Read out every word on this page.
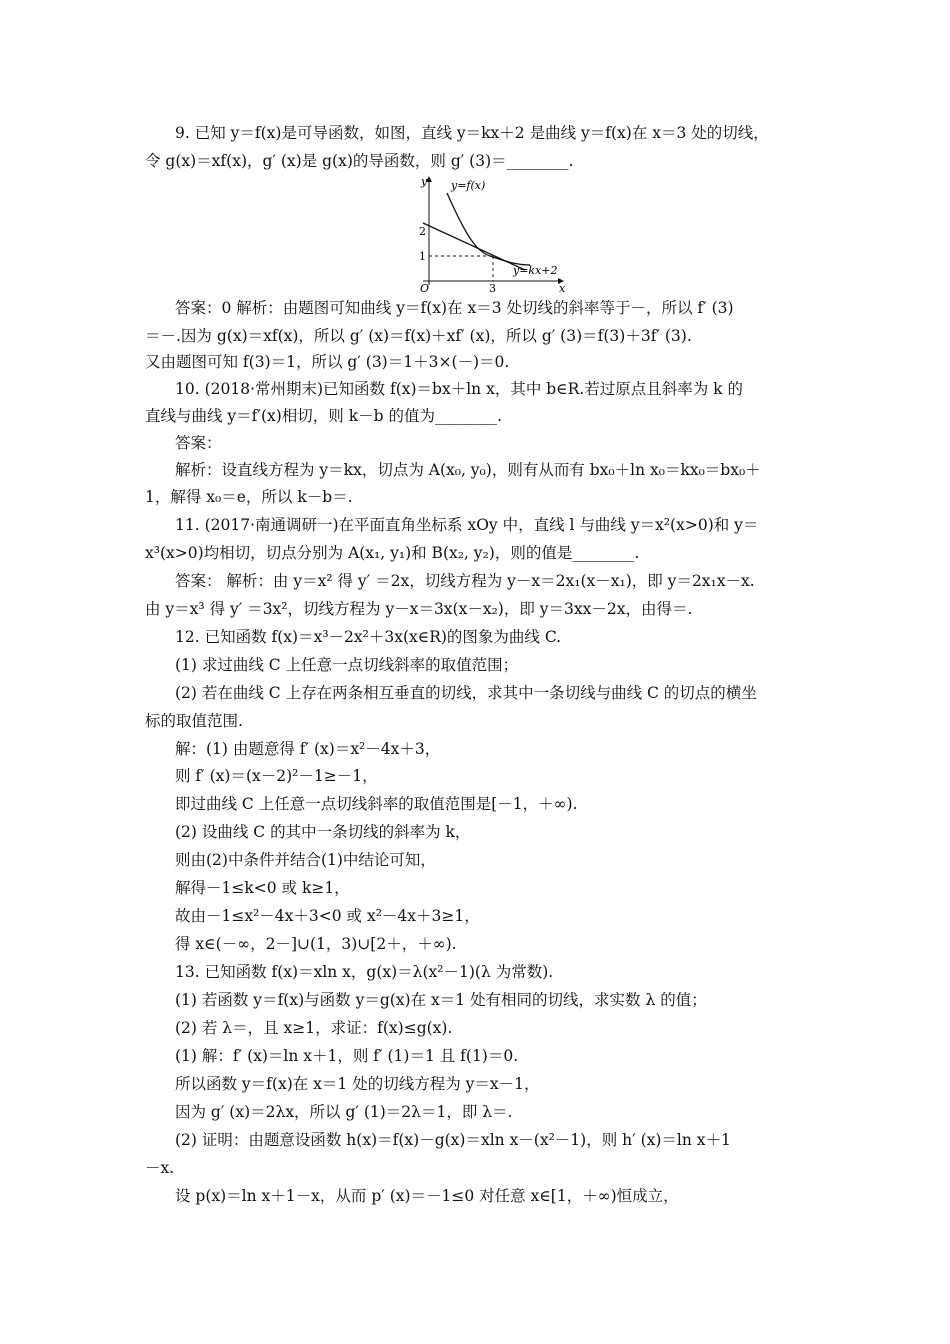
9. 已知 y＝f(x)是可导函数，如图，直线 y＝kx＋2 是曲线 y＝f(x)在 x＝3 处的切线，
令 g(x)＝xf(x)，g′ (x)是 g(x)的导函数，则 g′ (3)＝________.
y
x
O
y=f(x)
y=kx+2
2
1
3
答案：0 解析：由题图可知曲线 y＝f(x)在 x＝3 处切线的斜率等于－，所以 f′ (3)
＝－.因为 g(x)＝xf(x)，所以 g′ (x)＝f(x)＋xf′ (x)，所以 g′ (3)＝f(3)＋3f′ (3).
又由题图可知 f(3)＝1，所以 g′ (3)＝1＋3×(－)＝0.
10. (2018·常州期末)已知函数 f(x)＝bx＋ln x，其中 b∈R.若过原点且斜率为 k 的
直线与曲线 y＝f′(x)相切，则 k－b 的值为________.
答案：
解析：设直线方程为 y＝kx，切点为 A(x₀, y₀)，则有从而有 bx₀＋ln x₀＝kx₀＝bx₀＋
1，解得 x₀＝e，所以 k－b＝.
11. (2017·南通调研一)在平面直角坐标系 xOy 中，直线 l 与曲线 y＝x²(x>0)和 y＝
x³(x>0)均相切，切点分别为 A(x₁, y₁)和 B(x₂, y₂)，则的值是________.
答案： 解析：由 y＝x² 得 y′ ＝2x，切线方程为 y－x＝2x₁(x－x₁)，即 y＝2x₁x－x.
由 y＝x³ 得 y′ ＝3x²，切线方程为 y－x＝3x(x－x₂)，即 y＝3xx－2x，由得＝.
12. 已知函数 f(x)＝x³－2x²＋3x(x∈R)的图象为曲线 C.
(1) 求过曲线 C 上任意一点切线斜率的取值范围；
(2) 若在曲线 C 上存在两条相互垂直的切线，求其中一条切线与曲线 C 的切点的横坐
标的取值范围.
解：(1) 由题意得 f′ (x)＝x²－4x＋3，
则 f′ (x)＝(x－2)²－1≥－1，
即过曲线 C 上任意一点切线斜率的取值范围是[－1，＋∞).
(2) 设曲线 C 的其中一条切线的斜率为 k，
则由(2)中条件并结合(1)中结论可知，
解得－1≤k<0 或 k≥1，
故由－1≤x²－4x＋3<0 或 x²－4x＋3≥1，
得 x∈(－∞，2－]∪(1，3)∪[2＋，＋∞).
13. 已知函数 f(x)＝xln x，g(x)＝λ(x²－1)(λ 为常数).
(1) 若函数 y＝f(x)与函数 y＝g(x)在 x＝1 处有相同的切线，求实数 λ 的值；
(2) 若 λ＝，且 x≥1，求证：f(x)≤g(x).
(1) 解：f′ (x)＝ln x＋1，则 f′ (1)＝1 且 f(1)＝0.
所以函数 y＝f(x)在 x＝1 处的切线方程为 y＝x－1，
因为 g′ (x)＝2λx，所以 g′ (1)＝2λ＝1，即 λ＝.
(2) 证明：由题意设函数 h(x)＝f(x)－g(x)＝xln x－(x²－1)，则 h′ (x)＝ln x＋1
－x.
设 p(x)＝ln x＋1－x，从而 p′ (x)＝－1≤0 对任意 x∈[1，＋∞)恒成立，
